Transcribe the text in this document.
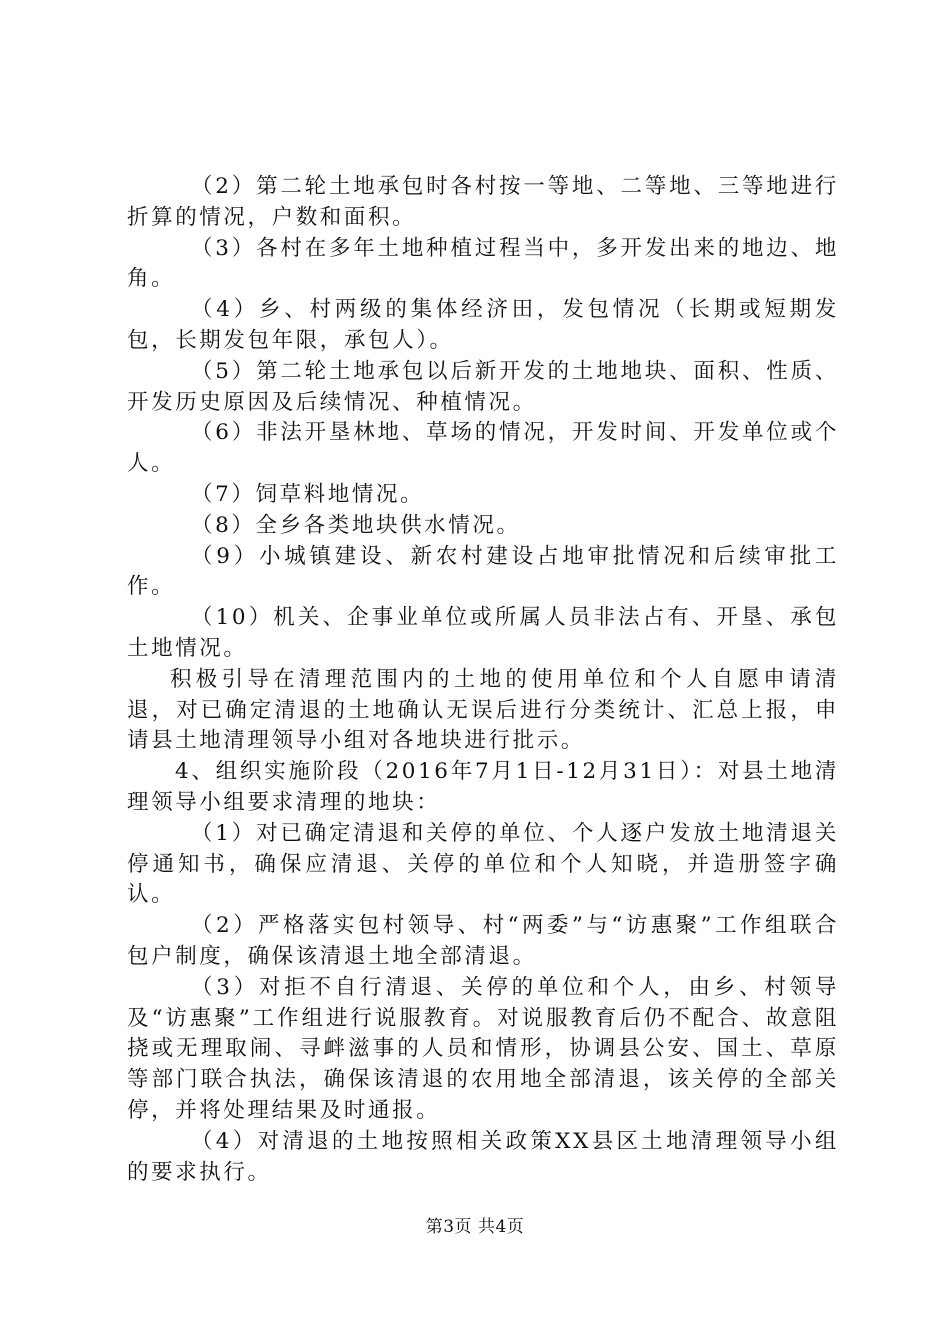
（2）第二轮土地承包时各村按一等地、二等地、三等地进行折算的情况，户数和面积。

（3）各村在多年土地种植过程当中，多开发出来的地边、地角。

（4）乡、村两级的集体经济田，发包情况（长期或短期发包，长期发包年限，承包人）。

（5）第二轮土地承包以后新开发的土地地块、面积、性质、开发历史原因及后续情况、种植情况。

（6）非法开垦林地、草场的情况，开发时间、开发单位或个人。

（7）饲草料地情况。

（8）全乡各类地块供水情况。

（9）小城镇建设、新农村建设占地审批情况和后续审批工作。

（10）机关、企事业单位或所属人员非法占有、开垦、承包土地情况。

积极引导在清理范围内的土地的使用单位和个人自愿申请清退，对已确定清退的土地确认无误后进行分类统计、汇总上报，申请县土地清理领导小组对各地块进行批示。

4、组织实施阶段（2016年7月1日-12月31日）：对县土地清理领导小组要求清理的地块：

（1）对已确定清退和关停的单位、个人逐户发放土地清退关停通知书，确保应清退、关停的单位和个人知晓，并造册签字确认。

（2）严格落实包村领导、村“两委”与“访惠聚”工作组联合包户制度，确保该清退土地全部清退。

（3）对拒不自行清退、关停的单位和个人，由乡、村领导及“访惠聚”工作组进行说服教育。对说服教育后仍不配合、故意阻挠或无理取闹、寻衅滋事的人员和情形，协调县公安、国土、草原等部门联合执法，确保该清退的农用地全部清退，该关停的全部关停，并将处理结果及时通报。

（4）对清退的土地按照相关政策XX县区土地清理领导小组的要求执行。

第3页 共4页
